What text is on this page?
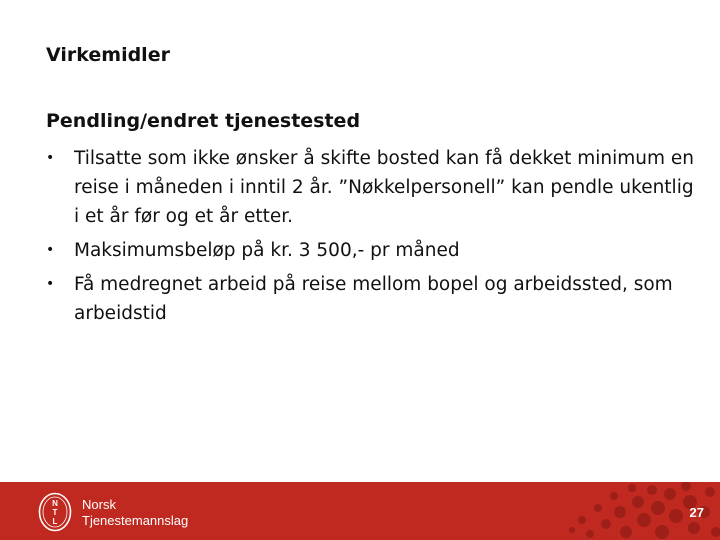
Virkemidler
Pendling/endret tjenestested
• Tilsatte som ikke ønsker å skifte bosted kan få dekket minimum en reise i måneden i inntil 2 år. ”Nøkkelpersonell” kan pendle ukentlig i et år før og et år etter.
• Maksimumsbeløp på kr. 3 500,- pr måned
• Få medregnet arbeid på reise mellom bopel og arbeidssted, som arbeidstid
N
T
L
Norsk
Tjenestemannslag
27
